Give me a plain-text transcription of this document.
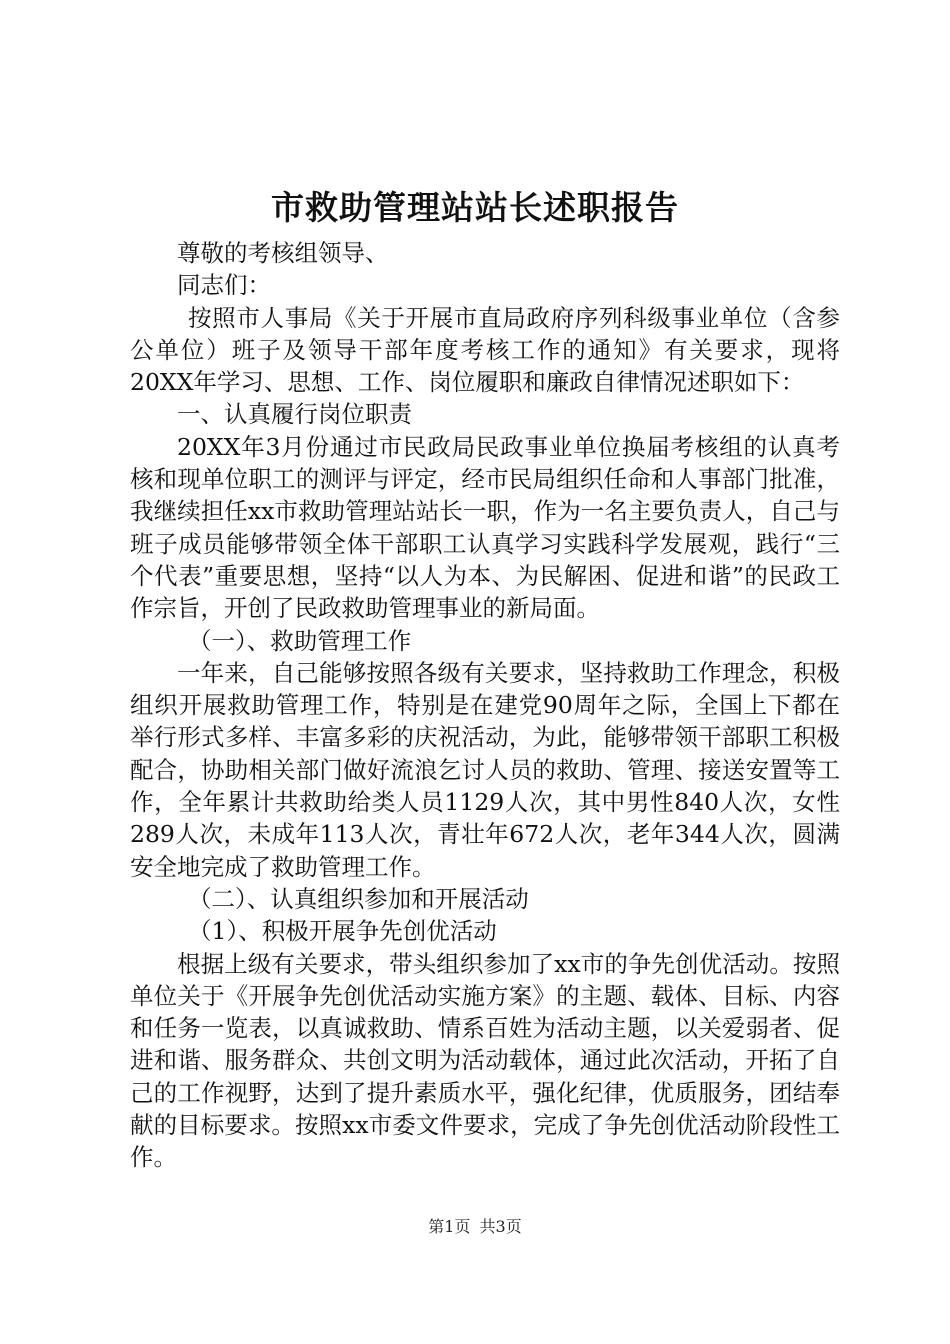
市救助管理站站长述职报告

尊敬的考核组领导、

同志们：

按照市人事局《关于开展市直局政府序列科级事业单位（含参公单位）班子及领导干部年度考核工作的通知》有关要求，现将20XX年学习、思想、工作、岗位履职和廉政自律情况述职如下：

一、认真履行岗位职责

20XX年3月份通过市民政局民政事业单位换届考核组的认真考核和现单位职工的测评与评定，经市民局组织任命和人事部门批准，我继续担任xx市救助管理站站长一职，作为一名主要负责人，自己与班子成员能够带领全体干部职工认真学习实践科学发展观，践行“三个代表”重要思想，坚持“以人为本、为民解困、促进和谐”的民政工作宗旨，开创了民政救助管理事业的新局面。

（一）、救助管理工作

一年来，自己能够按照各级有关要求，坚持救助工作理念，积极组织开展救助管理工作，特别是在建党90周年之际，全国上下都在举行形式多样、丰富多彩的庆祝活动，为此，能够带领干部职工积极配合，协助相关部门做好流浪乞讨人员的救助、管理、接送安置等工作，全年累计共救助给类人员1129人次，其中男性840人次，女性289人次，未成年113人次，青壮年672人次，老年344人次，圆满安全地完成了救助管理工作。

（二）、认真组织参加和开展活动

（1）、积极开展争先创优活动

根据上级有关要求，带头组织参加了xx市的争先创优活动。按照单位关于《开展争先创优活动实施方案》的主题、载体、目标、内容和任务一览表，以真诚救助、情系百姓为活动主题，以关爱弱者、促进和谐、服务群众、共创文明为活动载体，通过此次活动，开拓了自己的工作视野，达到了提升素质水平，强化纪律，优质服务，团结奉献的目标要求。按照xx市委文件要求，完成了争先创优活动阶段性工作。

第1页 共3页
